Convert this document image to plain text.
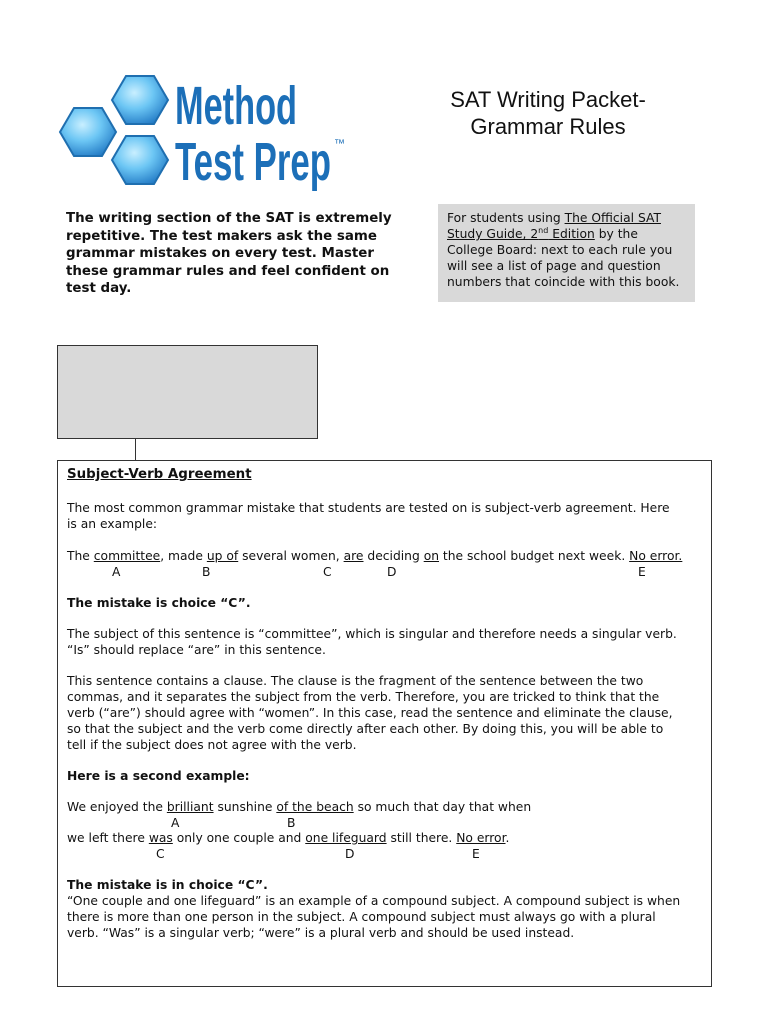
Method
Test Prep ™
SAT Writing Packet-
Grammar Rules
The writing section of the SAT is extremely repetitive. The test makers ask the same grammar mistakes on every test. Master these grammar rules and feel confident on test day.
For students using The Official SAT Study Guide, 2nd Edition by the College Board: next to each rule you will see a list of page and question numbers that coincide with this book.
Subject-Verb Agreement
The most common grammar mistake that students are tested on is subject-verb agreement. Here
is an example:
The committee, made up of several women, are deciding on the school budget next week. No error.
A	B	C	D	E
The mistake is choice “C”.
The subject of this sentence is “committee”, which is singular and therefore needs a singular verb.
“Is” should replace “are” in this sentence.
This sentence contains a clause. The clause is the fragment of the sentence between the two
commas, and it separates the subject from the verb. Therefore, you are tricked to think that the
verb (“are”) should agree with “women”. In this case, read the sentence and eliminate the clause,
so that the subject and the verb come directly after each other. By doing this, you will be able to
tell if the subject does not agree with the verb.
Here is a second example:
We enjoyed the brilliant sunshine of the beach so much that day that when
A	B
we left there was only one couple and one lifeguard still there. No error.
C	D	E
The mistake is in choice “C”.
“One couple and one lifeguard” is an example of a compound subject. A compound subject is when
there is more than one person in the subject. A compound subject must always go with a plural
verb. “Was” is a singular verb; “were” is a plural verb and should be used instead.
